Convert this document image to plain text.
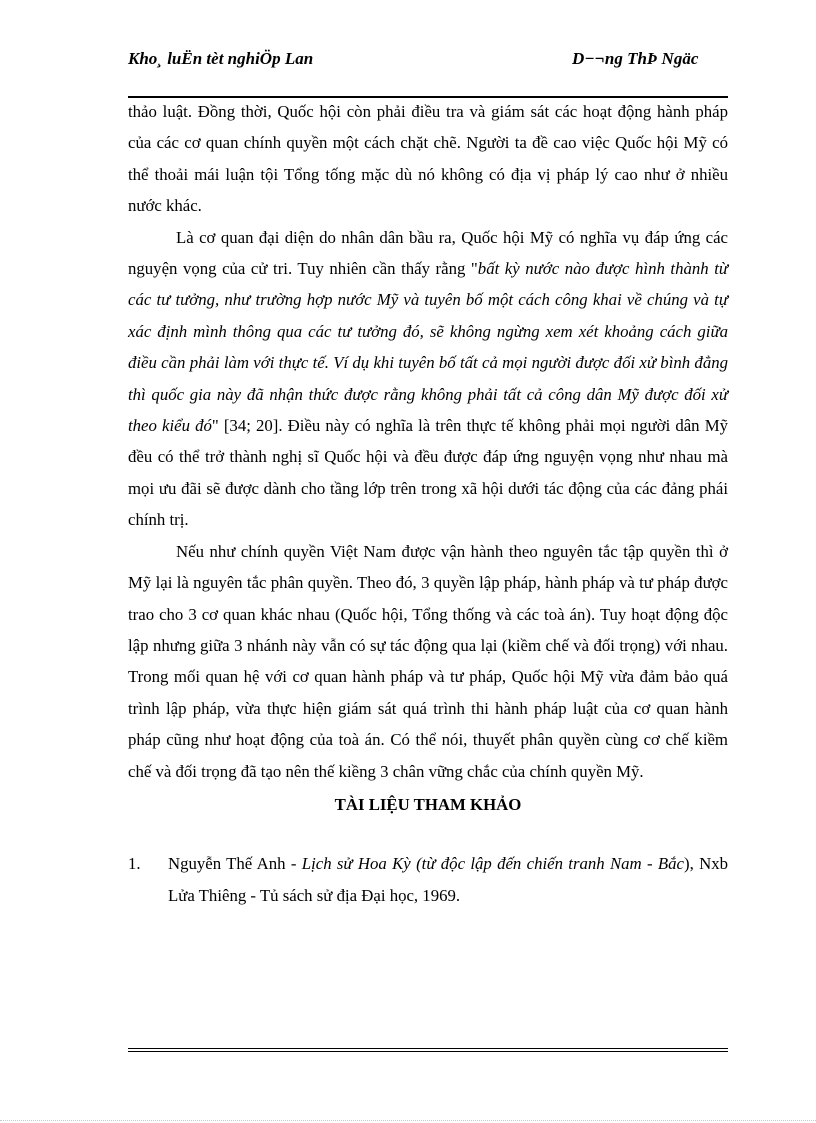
Kho¸ luËn tèt nghiÖp Lan	D−¬ng ThÞ Ngäc

thảo luật. Đồng thời, Quốc hội còn phải điều tra và giám sát các hoạt động hành pháp của các cơ quan chính quyền một cách chặt chẽ. Người ta đề cao việc Quốc hội Mỹ có thể thoải mái luận tội Tổng tống mặc dù nó không có địa vị pháp lý cao như ở nhiều nước khác.

Là cơ quan đại diện do nhân dân bầu ra, Quốc hội Mỹ có nghĩa vụ đáp ứng các nguyện vọng của cử tri. Tuy nhiên cần thấy rằng "bất kỳ nước nào được hình thành từ các tư tưởng, như trường hợp nước Mỹ và tuyên bố một cách công khai về chúng và tự xác định mình thông qua các tư tưởng đó, sẽ không ngừng xem xét khoảng cách giữa điều cần phải làm với thực tế. Ví dụ khi tuyên bố tất cả mọi người được đối xử bình đẳng thì quốc gia này đã nhận thức được rằng không phải tất cả công dân Mỹ được đối xử theo kiểu đó" [34; 20]. Điều này có nghĩa là trên thực tế không phải mọi người dân Mỹ đều có thể trở thành nghị sĩ Quốc hội và đều được đáp ứng nguyện vọng như nhau mà mọi ưu đãi sẽ được dành cho tầng lớp trên trong xã hội dưới tác động của các đảng phái chính trị.

Nếu như chính quyền Việt Nam được vận hành theo nguyên tắc tập quyền thì ở Mỹ lại là nguyên tắc phân quyền. Theo đó, 3 quyền lập pháp, hành pháp và tư pháp được trao cho 3 cơ quan khác nhau (Quốc hội, Tổng thống và các toà án). Tuy hoạt động độc lập nhưng giữa 3 nhánh này vẫn có sự tác động qua lại (kiềm chế và đối trọng) với nhau. Trong mối quan hệ với cơ quan hành pháp và tư pháp, Quốc hội Mỹ vừa đảm bảo quá trình lập pháp, vừa thực hiện giám sát quá trình thi hành pháp luật của cơ quan hành pháp cũng như hoạt động của toà án. Có thể nói, thuyết phân quyền cùng cơ chế kiềm chế và đối trọng đã tạo nên thế kiềng 3 chân vững chắc của chính quyền Mỹ.

TÀI LIỆU THAM KHẢO

1. Nguyễn Thế Anh - Lịch sử Hoa Kỳ (từ độc lập đến chiến tranh Nam - Bắc), Nxb Lửa Thiêng - Tủ sách sử địa Đại học, 1969.
